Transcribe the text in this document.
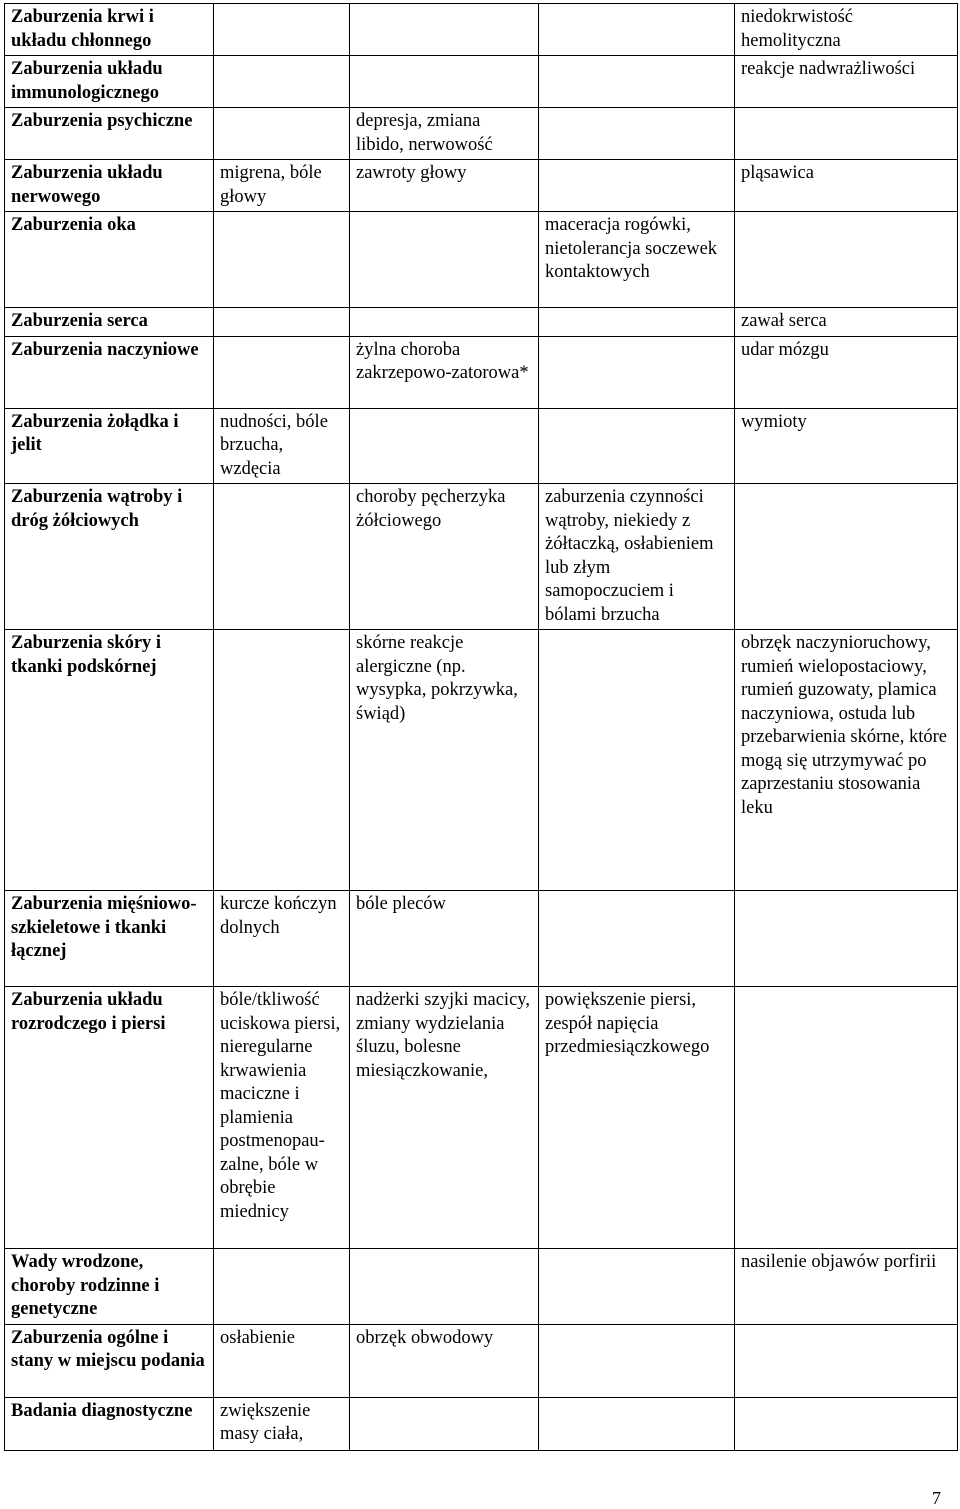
Zaburzenia krwi i układu chłonnego				niedokrwistość hemolityczna
Zaburzenia układu immunologicznego				reakcje nadwrażliwości
Zaburzenia psychiczne		depresja, zmiana libido, nerwowość		
Zaburzenia układu nerwowego	migrena, bóle głowy	zawroty głowy		pląsawica
Zaburzenia oka			maceracja rogówki, nietolerancja soczewek kontaktowych	
Zaburzenia serca				zawał serca
Zaburzenia naczyniowe		żylna choroba zakrzepowo-zatorowa*		udar mózgu
Zaburzenia żołądka i jelit	nudności, bóle brzucha, wzdęcia			wymioty
Zaburzenia wątroby i dróg żółciowych		choroby pęcherzyka żółciowego	zaburzenia czynności wątroby, niekiedy z żółtaczką, osłabieniem lub złym samopoczuciem i bólami brzucha	
Zaburzenia skóry i tkanki podskórnej		skórne reakcje alergiczne (np. wysypka, pokrzywka, świąd)		obrzęk naczynioruchowy, rumień wielopostaciowy, rumień guzowaty, plamica naczyniowa, ostuda lub przebarwienia skórne, które mogą się utrzymywać po zaprzestaniu stosowania leku
Zaburzenia mięśniowo-szkieletowe i tkanki łącznej	kurcze kończyn dolnych	bóle pleców		
Zaburzenia układu rozrodczego i piersi	bóle/tkliwość uciskowa piersi, nieregularne krwawienia maciczne i plamienia postmenopau-zalne, bóle w obrębie miednicy	nadżerki szyjki macicy, zmiany wydzielania śluzu, bolesne miesiączkowanie,	powiększenie piersi, zespół napięcia przedmiesiączkowego	
Wady wrodzone, choroby rodzinne i genetyczne				nasilenie objawów porfirii
Zaburzenia ogólne i stany w miejscu podania	osłabienie	obrzęk obwodowy		
Badania diagnostyczne	zwiększenie masy ciała,			
7
